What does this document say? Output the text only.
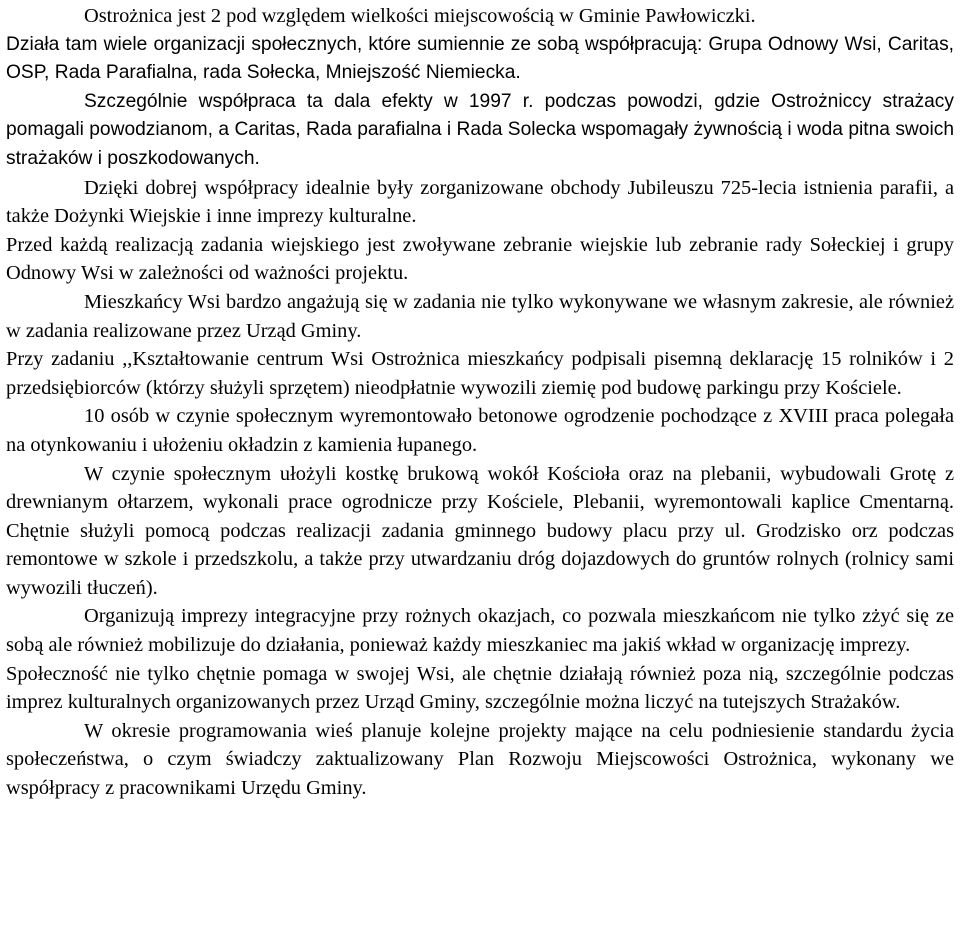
Ostrożnica jest 2 pod względem wielkości miejscowością w Gminie Pawłowiczki.

Działa tam wiele organizacji społecznych, które sumiennie ze sobą współpracują: Grupa Odnowy Wsi, Caritas, OSP, Rada Parafialna, rada Sołecka, Mniejszość Niemiecka.

Szczególnie współpraca ta dala efekty w 1997 r. podczas powodzi, gdzie Ostrożniccy strażacy pomagali powodzianom, a Caritas, Rada parafialna i Rada Solecka wspomagały żywnością i woda pitna swoich strażaków i poszkodowanych.

Dzięki dobrej współpracy idealnie były zorganizowane obchody Jubileuszu 725-lecia istnienia parafii, a także Dożynki Wiejskie i inne imprezy kulturalne.

Przed każdą realizacją zadania wiejskiego jest zwoływane zebranie wiejskie lub zebranie rady Sołeckiej i grupy Odnowy Wsi w zależności od ważności projektu.

Mieszkańcy Wsi bardzo angażują się w zadania nie tylko wykonywane we własnym zakresie, ale również w zadania realizowane przez Urząd Gminy.

Przy zadaniu ,,Kształtowanie centrum Wsi Ostrożnica mieszkańcy podpisali pisemną deklarację 15 rolników i 2 przedsiębiorców (którzy służyli sprzętem) nieodpłatnie wywozili ziemię pod budowę parkingu przy Kościele.

10 osób w czynie społecznym wyremontowało betonowe ogrodzenie pochodzące z XVIII praca polegała na otynkowaniu i ułożeniu okładzin z kamienia łupanego.

W czynie społecznym ułożyli kostkę brukową wokół Kościoła oraz na plebanii, wybudowali Grotę z drewnianym ołtarzem, wykonali prace ogrodnicze przy Kościele, Plebanii, wyremontowali kaplice Cmentarną. Chętnie służyli pomocą podczas realizacji zadania gminnego budowy placu przy ul. Grodzisko orz podczas remontowe w szkole i przedszkolu, a także przy utwardzaniu dróg dojazdowych do gruntów rolnych (rolnicy sami wywozili tłuczeń).

Organizują imprezy integracyjne przy rożnych okazjach, co pozwala mieszkańcom nie tylko zżyć się ze sobą ale również mobilizuje do działania, ponieważ każdy mieszkaniec ma jakiś wkład w organizację imprezy.

Społeczność nie tylko chętnie pomaga w swojej Wsi, ale chętnie działają również poza nią, szczególnie podczas imprez kulturalnych organizowanych przez Urząd Gminy, szczególnie można liczyć na tutejszych Strażaków.

W okresie programowania wieś planuje kolejne projekty mające na celu podniesienie standardu życia społeczeństwa, o czym świadczy zaktualizowany Plan Rozwoju Miejscowości Ostrożnica, wykonany we współpracy z pracownikami Urzędu Gminy.
